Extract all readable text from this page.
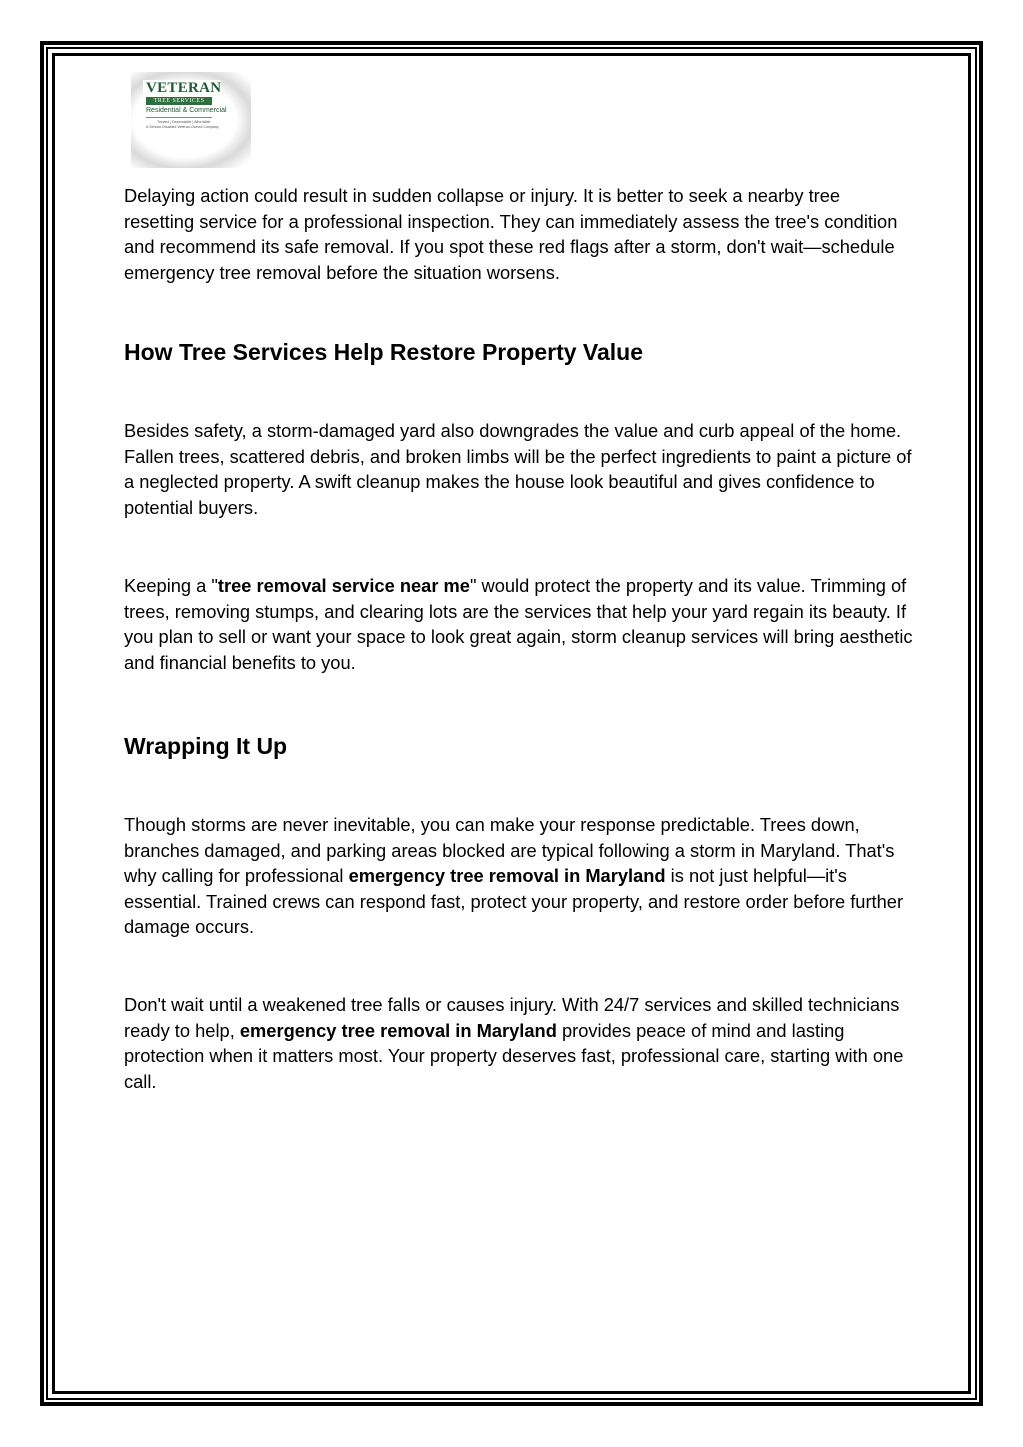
VETERAN
TREE SERVICES
Residential & Commercial
Trusted | Dependable | Affordable
A Service-Disabled Veteran-Owned Company

Delaying action could result in sudden collapse or injury. It is better to seek a nearby tree resetting service for a professional inspection. They can immediately assess the tree's condition and recommend its safe removal. If you spot these red flags after a storm, don't wait—schedule emergency tree removal before the situation worsens.

How Tree Services Help Restore Property Value

Besides safety, a storm-damaged yard also downgrades the value and curb appeal of the home. Fallen trees, scattered debris, and broken limbs will be the perfect ingredients to paint a picture of a neglected property. A swift cleanup makes the house look beautiful and gives confidence to potential buyers.

Keeping a "tree removal service near me" would protect the property and its value. Trimming of trees, removing stumps, and clearing lots are the services that help your yard regain its beauty. If you plan to sell or want your space to look great again, storm cleanup services will bring aesthetic and financial benefits to you.

Wrapping It Up

Though storms are never inevitable, you can make your response predictable. Trees down, branches damaged, and parking areas blocked are typical following a storm in Maryland. That's why calling for professional emergency tree removal in Maryland is not just helpful—it's essential. Trained crews can respond fast, protect your property, and restore order before further damage occurs.

Don't wait until a weakened tree falls or causes injury. With 24/7 services and skilled technicians ready to help, emergency tree removal in Maryland provides peace of mind and lasting protection when it matters most. Your property deserves fast, professional care, starting with one call.
